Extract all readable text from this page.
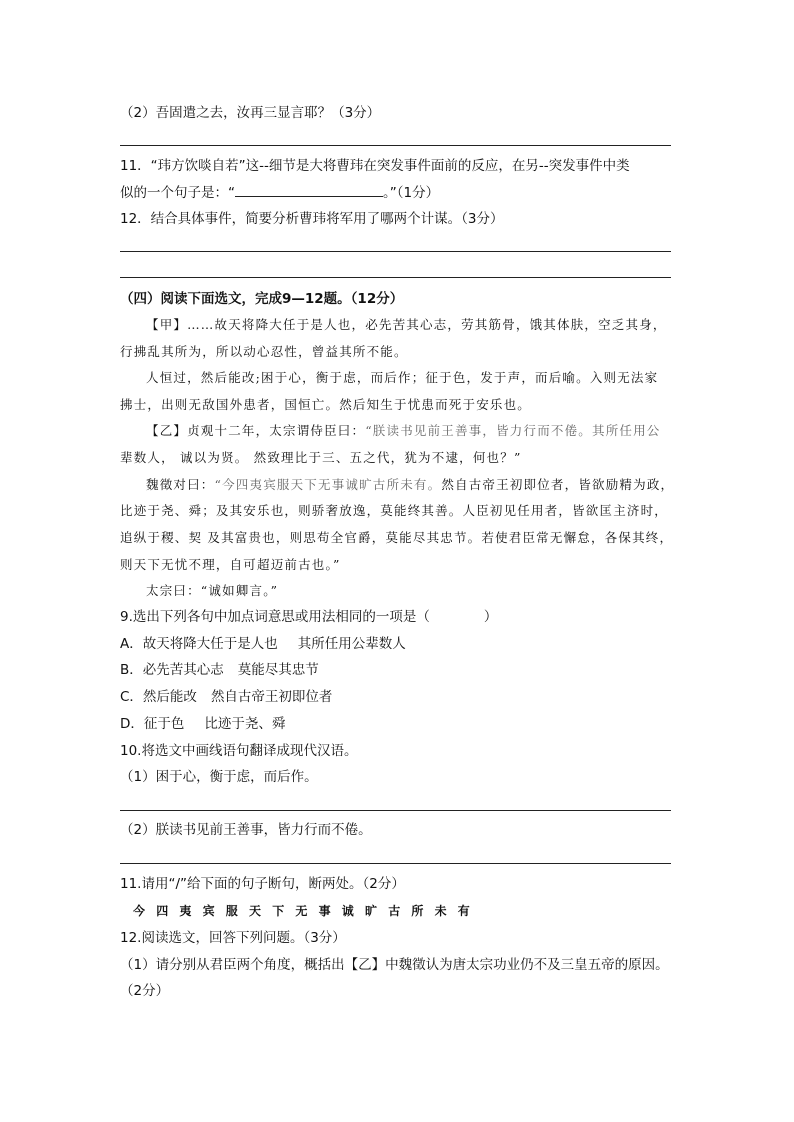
（2）吾固遣之去，汝再三显言耶？（3分）
11．“玮方饮啖自若”这--细节是大将曹玮在突发事件面前的反应，在另--突发事件中类
似的一个句子是：“	。”（1分）
12．结合具体事件，简要分析曹玮将军用了哪两个计谋。（3分）
（四）阅读下面选文，完成9—12题。（12分）
【甲】……故天将降大任于是人也，必先苦其心志，劳其筋骨，饿其体肤，空乏其身，
行拂乱其所为，所以动心忍性，曾益其所不能。
人恒过，然后能改;困于心，衡于虑，而后作；征于色，发于声，而后喻。入则无法家
拂士，出则无敌国外患者，国恒亡。然后知生于忧患而死于安乐也。
【乙】贞观十二年，太宗谓侍臣曰：“朕读书见前王善事，皆力行而不倦。其所任用公
辈数人， 诚以为贤。 然致理比于三、五之代，犹为不逮，何也？”
魏徵对曰：“今四夷宾服天下无事诚旷古所未有。然自古帝王初即位者，皆欲励精为政，
比迹于尧、舜；及其安乐也，则骄奢放逸，莫能终其善。人臣初见任用者，皆欲匡主济时，
追纵于稷、契 及其富贵也，则思苟全官爵，莫能尽其忠节。若使君臣常无懈怠，各保其终，
则天下无忧不理，自可超迈前古也。”
太宗曰：“诚如卿言。”
9.选出下列各句中加点词意思或用法相同的一项是（　　　　）
A．故天将降大任于是人也 其所任用公辈数人
B．必先苦其心志 莫能尽其忠节
C．然后能改 然自古帝王初即位者
D．征于色 比迹于尧、舜
10.将选文中画线语句翻译成现代汉语。
（1）困于心，衡于虑，而后作。
（2）朕读书见前王善事，皆力行而不倦。
11.请用“/”给下面的句子断句，断两处。（2分）
今四夷宾服天下无事诚旷古所未有
12.阅读选文，回答下列问题。（3分）
（1）请分别从君臣两个角度，概括出【乙】中魏徵认为唐太宗功业仍不及三皇五帝的原因。
（2分）
